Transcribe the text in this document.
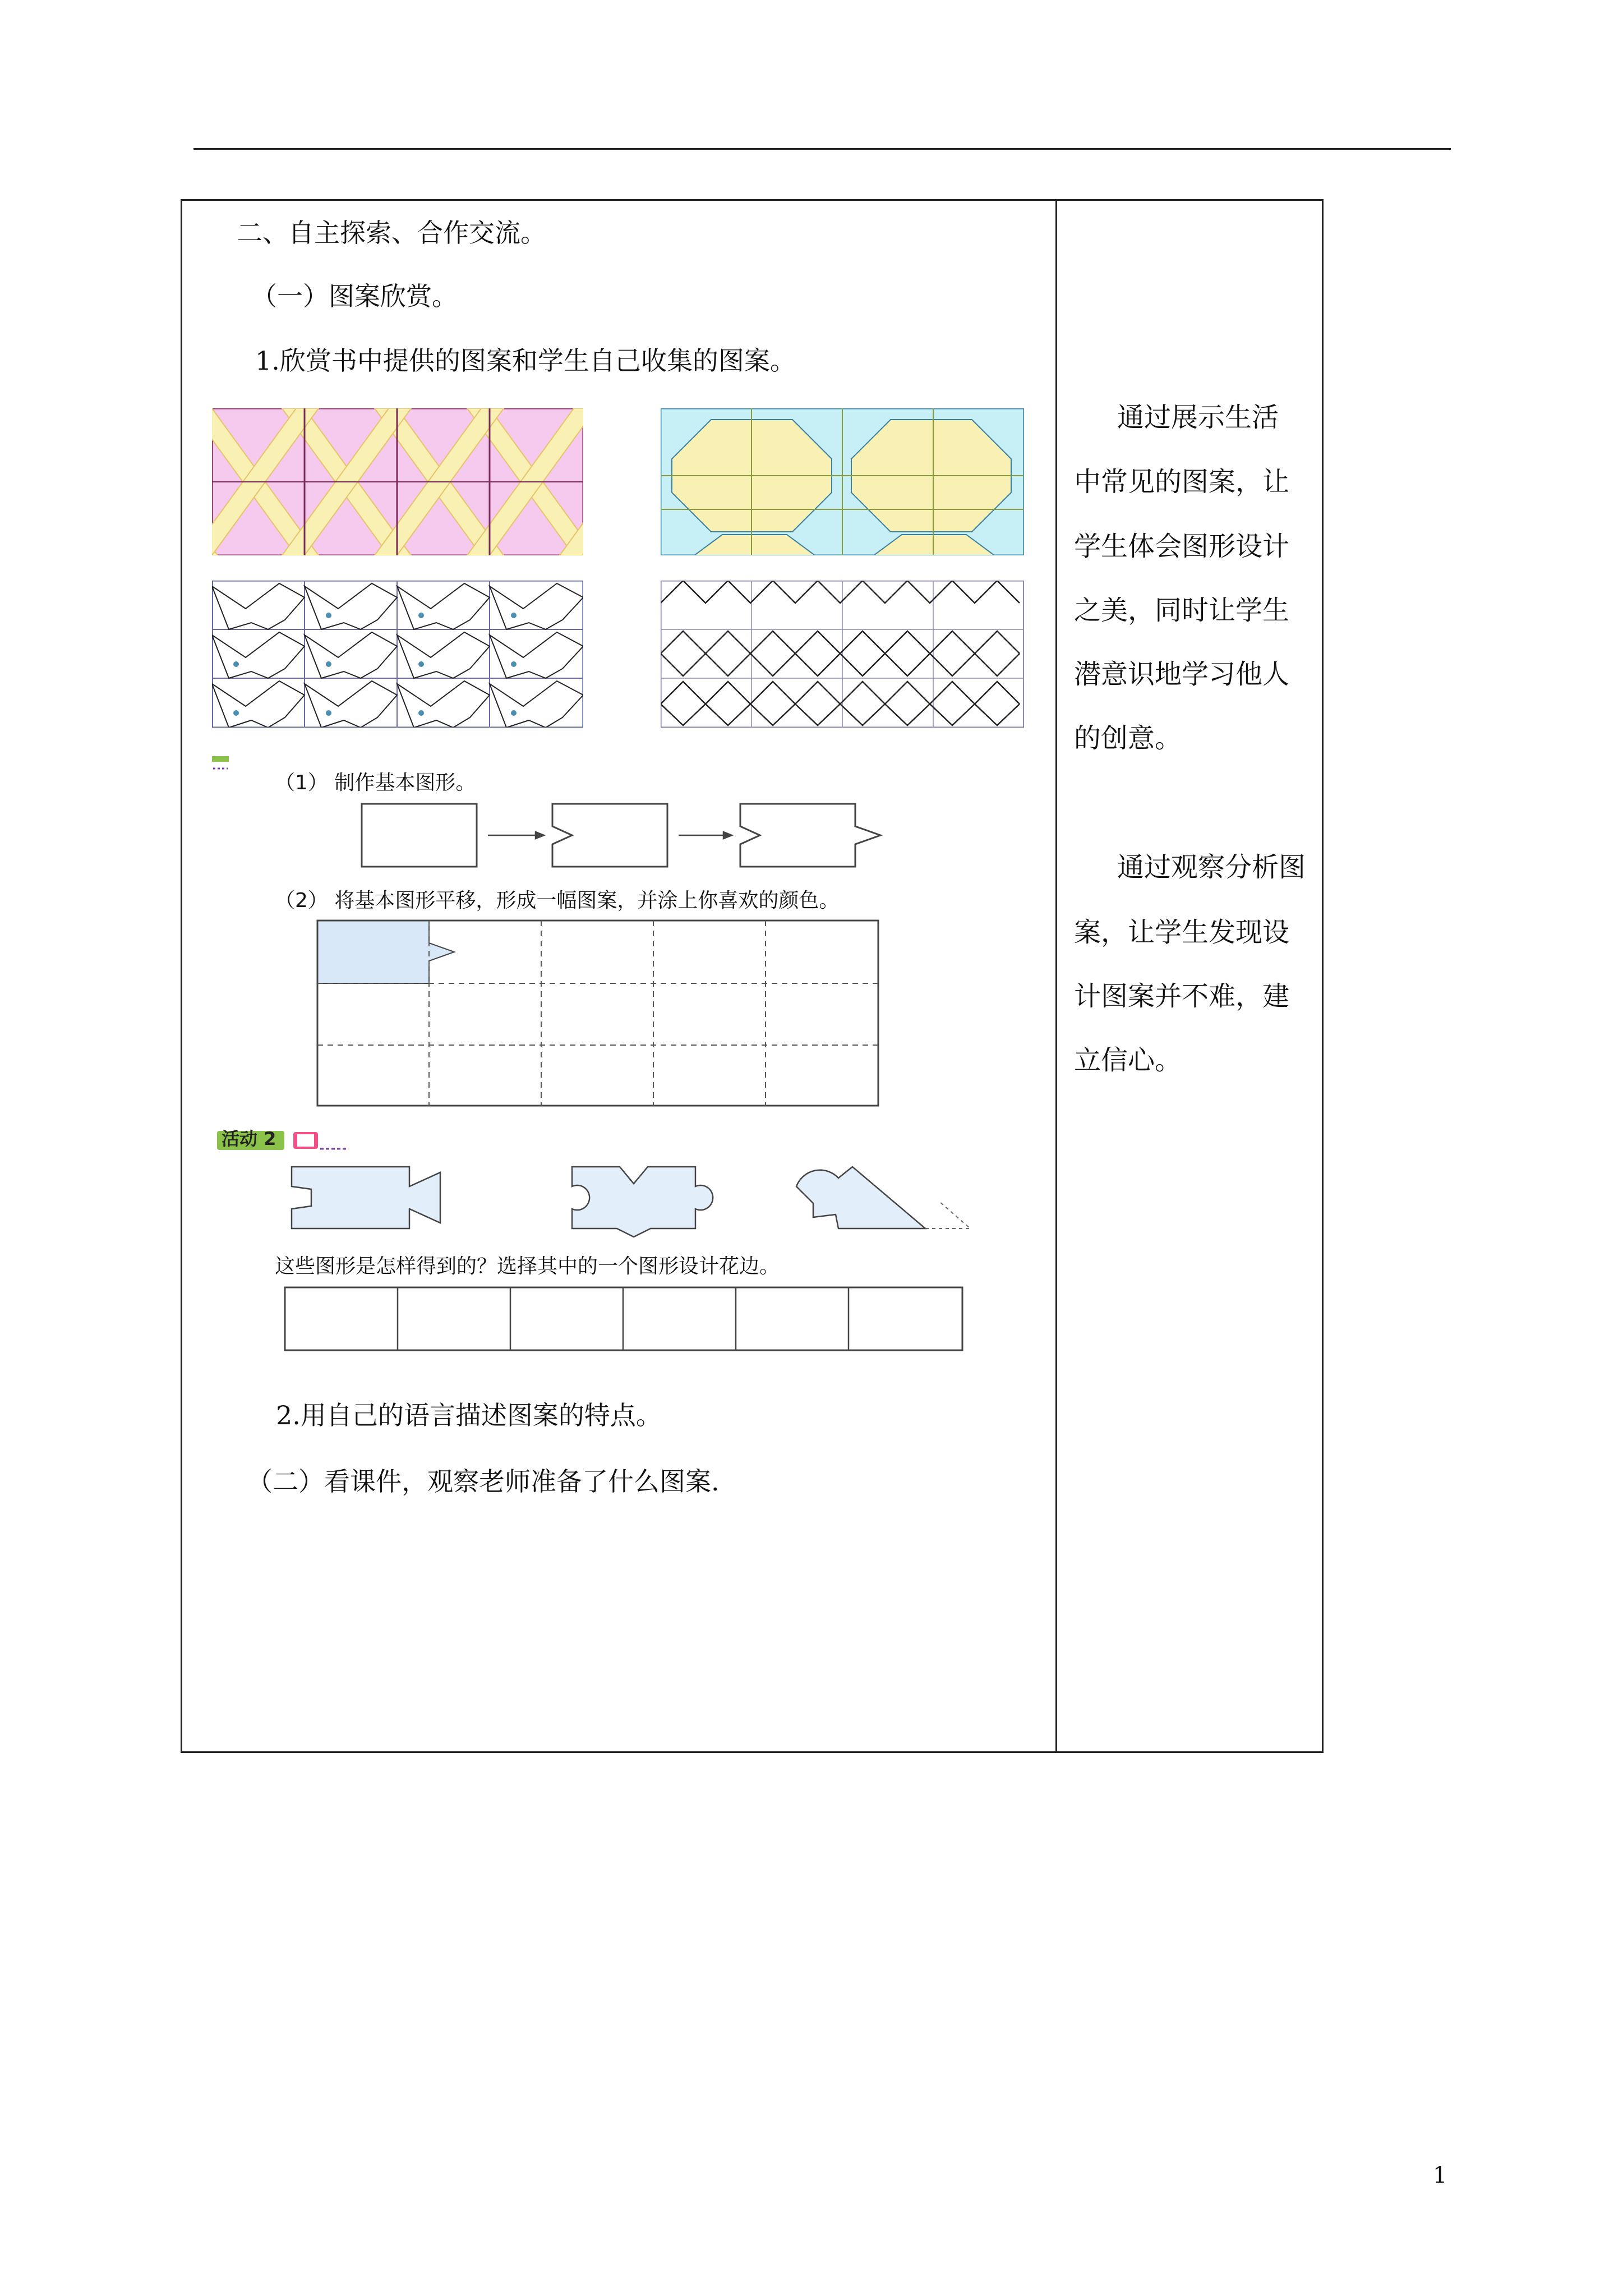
二、自主探索、合作交流。
（一）图案欣赏。
1.欣赏书中提供的图案和学生自己收集的图案。
（1） 制作基本图形。
（2） 将基本图形平移，形成一幅图案，并涂上你喜欢的颜色。
活动 2
这些图形是怎样得到的？选择其中的一个图形设计花边。
2.用自己的语言描述图案的特点。
（二）看课件，观察老师准备了什么图案.
通过展示生活
中常见的图案，让
学生体会图形设计
之美，同时让学生
潜意识地学习他人
的创意。
通过观察分析图
案，让学生发现设
计图案并不难，建
立信心。
1
